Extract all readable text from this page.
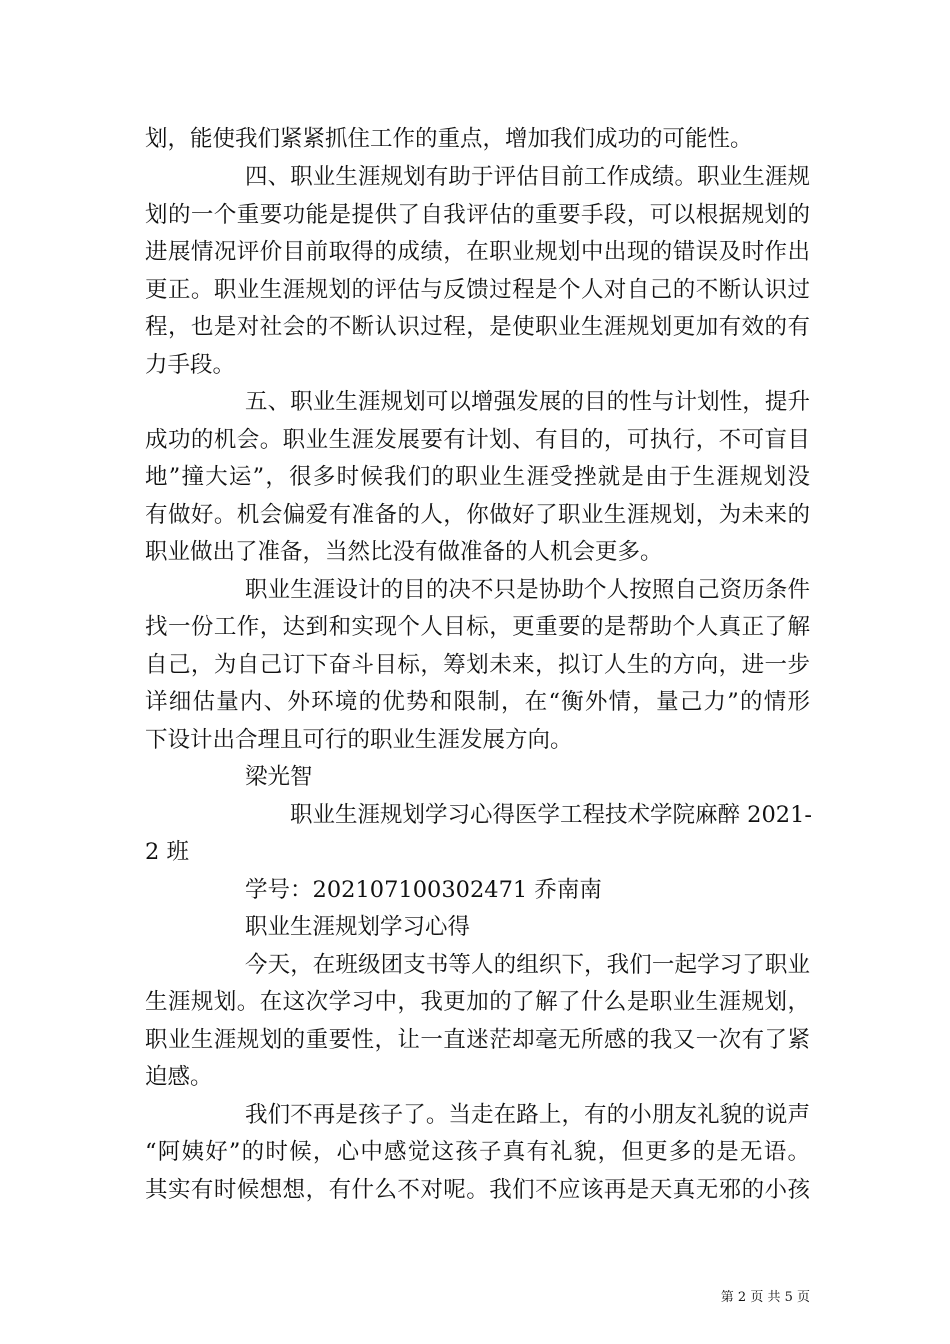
划，能使我们紧紧抓住工作的重点，增加我们成功的可能性。
四、职业生涯规划有助于评估目前工作成绩。职业生涯规
划的一个重要功能是提供了自我评估的重要手段，可以根据规划的
进展情况评价目前取得的成绩，在职业规划中出现的错误及时作出
更正。职业生涯规划的评估与反馈过程是个人对自己的不断认识过
程，也是对社会的不断认识过程，是使职业生涯规划更加有效的有
力手段。
五、职业生涯规划可以增强发展的目的性与计划性，提升
成功的机会。职业生涯发展要有计划、有目的，可执行，不可盲目
地”撞大运”，很多时候我们的职业生涯受挫就是由于生涯规划没
有做好。机会偏爱有准备的人，你做好了职业生涯规划，为未来的
职业做出了准备，当然比没有做准备的人机会更多。
职业生涯设计的目的决不只是协助个人按照自己资历条件
找一份工作，达到和实现个人目标，更重要的是帮助个人真正了解
自己，为自己订下奋斗目标，筹划未来，拟订人生的方向，进一步
详细估量内、外环境的优势和限制，在“衡外情，量己力”的情形
下设计出合理且可行的职业生涯发展方向。
梁光智
职业生涯规划学习心得医学工程技术学院麻醉 2021-
2 班
学号：202107100302471 乔南南
职业生涯规划学习心得
今天，在班级团支书等人的组织下，我们一起学习了职业
生涯规划。在这次学习中，我更加的了解了什么是职业生涯规划，
职业生涯规划的重要性，让一直迷茫却毫无所感的我又一次有了紧
迫感。
我们不再是孩子了。当走在路上，有的小朋友礼貌的说声
“阿姨好”的时候，心中感觉这孩子真有礼貌，但更多的是无语。
其实有时候想想，有什么不对呢。我们不应该再是天真无邪的小孩
第 2 页 共 5 页
